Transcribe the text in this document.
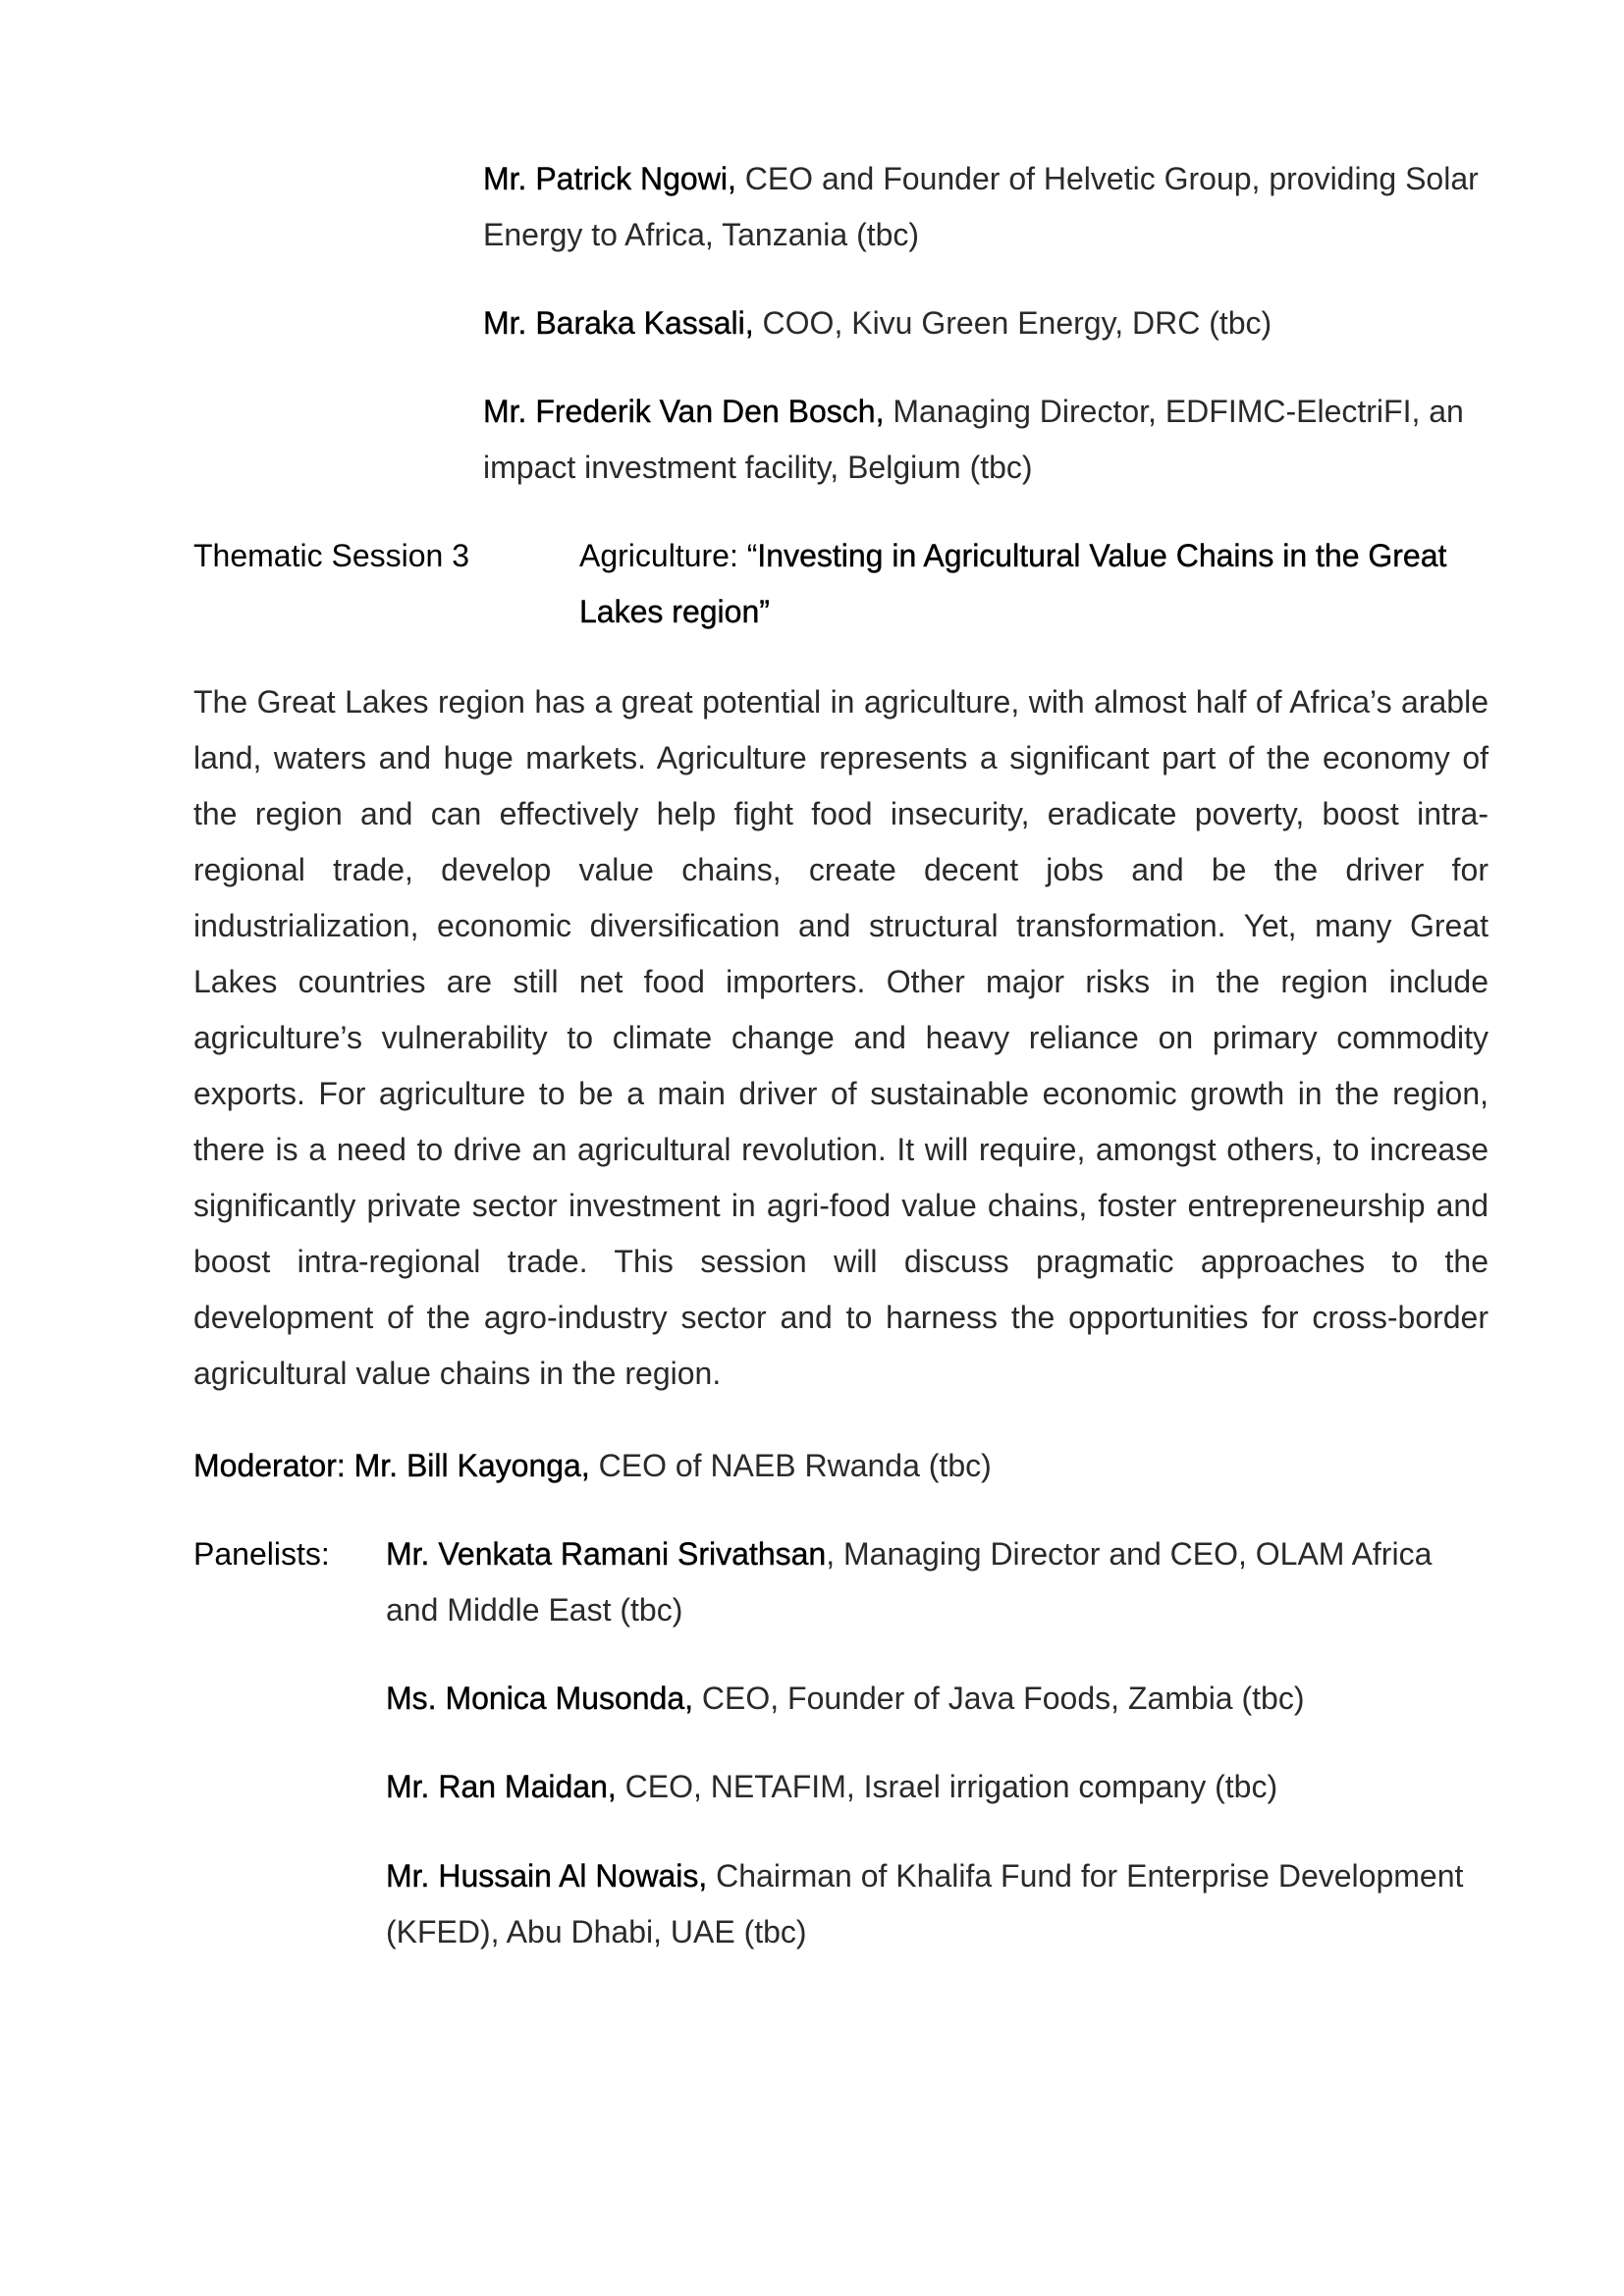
Mr. Patrick Ngowi, CEO and Founder of Helvetic Group, providing Solar Energy to Africa, Tanzania (tbc)

Mr. Baraka Kassali, COO, Kivu Green Energy, DRC (tbc)

Mr. Frederik Van Den Bosch, Managing Director, EDFIMC-ElectriFI, an impact investment facility, Belgium (tbc)

Thematic Session 3	Agriculture: “Investing in Agricultural Value Chains in the Great Lakes region”

The Great Lakes region has a great potential in agriculture, with almost half of Africa’s arable land, waters and huge markets. Agriculture represents a significant part of the economy of the region and can effectively help fight food insecurity, eradicate poverty, boost intra-regional trade, develop value chains, create decent jobs and be the driver for industrialization, economic diversification and structural transformation. Yet, many Great Lakes countries are still net food importers. Other major risks in the region include agriculture’s vulnerability to climate change and heavy reliance on primary commodity exports. For agriculture to be a main driver of sustainable economic growth in the region, there is a need to drive an agricultural revolution. It will require, amongst others, to increase significantly private sector investment in agri-food value chains, foster entrepreneurship and boost intra-regional trade. This session will discuss pragmatic approaches to the development of the agro-industry sector and to harness the opportunities for cross-border agricultural value chains in the region.

Moderator: Mr. Bill Kayonga, CEO of NAEB Rwanda (tbc)

Panelists: Mr. Venkata Ramani Srivathsan, Managing Director and CEO, OLAM Africa and Middle East (tbc)

Ms. Monica Musonda, CEO, Founder of Java Foods, Zambia (tbc)

Mr. Ran Maidan, CEO, NETAFIM, Israel irrigation company (tbc)

Mr. Hussain Al Nowais, Chairman of Khalifa Fund for Enterprise Development (KFED), Abu Dhabi, UAE (tbc)
